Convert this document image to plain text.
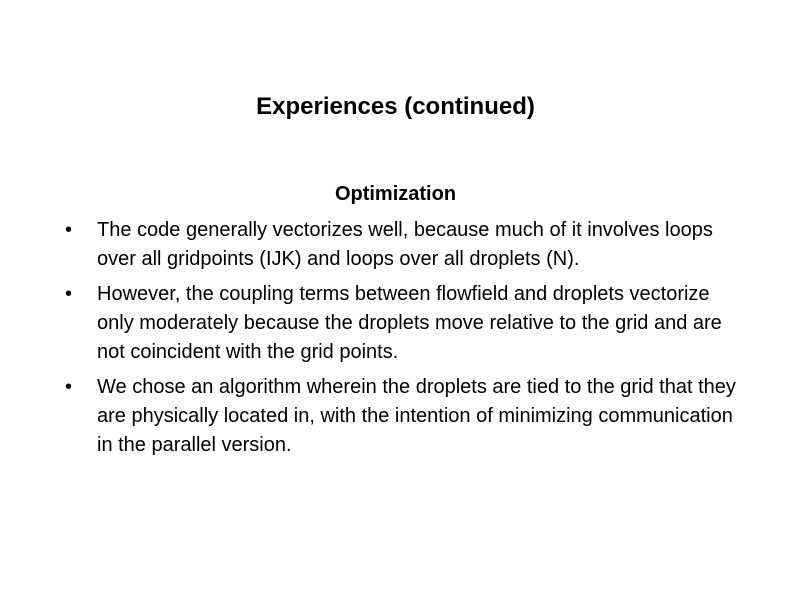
Experiences (continued)
Optimization
• The code generally vectorizes well, because much of it involves loops over all gridpoints (IJK) and loops over all droplets (N).
• However, the coupling terms between flowfield and droplets vectorize only moderately because the droplets move relative to the grid and are not coincident with the grid points.
• We chose an algorithm wherein the droplets are tied to the grid that they are physically located in, with the intention of minimizing communication in the parallel version.
